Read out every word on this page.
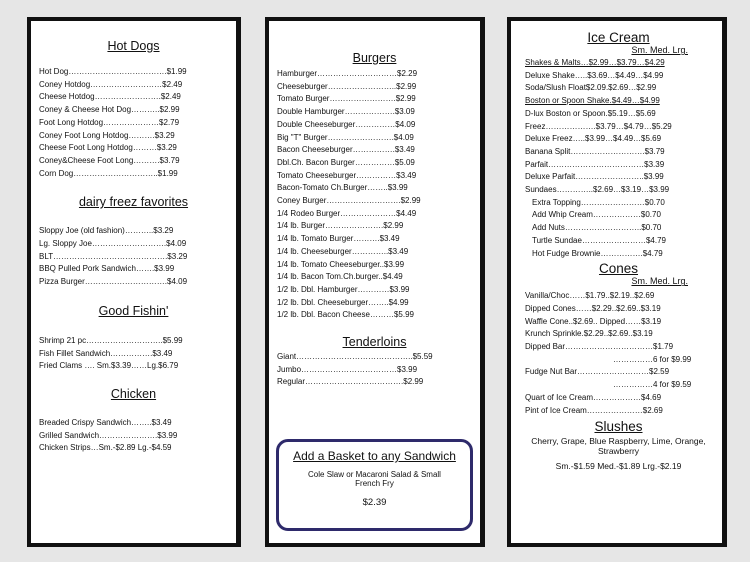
Hot Dogs
Hot Dog……………………………….$1.99
Coney Hotdog………………………$2.49
Cheese Hotdog…………………….$2.49
Coney & Cheese Hot Dog………..$2.99
Foot Long Hotdog…………………$2.79
Coney Foot Long Hotdog……….$3.29
Cheese Foot Long Hotdog………$3.29
Coney&Cheese Foot Long……….$3.79
Corn Dog…………………………..$1.99
dairy freez favorites
Sloppy Joe (old fashion)………..$3.29
Lg. Sloppy Joe……………………….$4.09
BLT…………………………………….$3.29
BBQ Pulled Pork Sandwich…….$3.99
Pizza Burger………………………….$4.09
Good Fishin'
Shrimp 21 pc………………………..$5.99
Fish Fillet Sandwich…………….$3.49
Fried Clams …. Sm.$3.39……Lg.$6.79
Chicken
Breaded Crispy Sandwich……..$3.49
Grilled Sandwich………………….$3.99
Chicken Strips…Sm.-$2.89 Lg.-$4.59
Burgers
Hamburger…………………………$2.29
Cheeseburger……………………..$2.99
Tomato Burger…………………….$2.99
Double Hamburger……………….$3.09
Double Cheeseburger……………$4.09
Big "T" Burger…………………….$4.09
Bacon Cheeseburger…………….$3.49
Dbl.Ch. Bacon Burger……………$5.09
Tomato Cheeseburger……………$3.49
Bacon-Tomato Ch.Burger……..$3.99
Coney Burger……………………….$2.99
1/4 Rodeo Burger…………………$4.49
1/4 lb. Burger………………….$2.99
1/4 lb. Tomato Burger……….$3.49
1/4 lb. Cheeseburger…………..$3.49
1/4 lb. Tomato Cheeseburger..$3.99
1/4 lb. Bacon Tom.Ch.burger..$4.49
1/2 lb. Dbl. Hamburger…………$3.99
1/2 lb. Dbl. Cheeseburger……..$4.99
1/2 lb. Dbl. Bacon Cheese………$5.99
Tenderloins
Giant……………………………………..$5.59
Jumbo………………………………$3.99
Regular……………………………….$2.99
Add a Basket to any Sandwich
Cole Slaw or Macaroni Salad & Small French Fry
$2.39
Ice Cream
Sm. Med. Lrg.
Shakes & Malts…$2.99…$3.79…$4.29
Deluxe Shake…..$3.69…$4.49…$4.99
Soda/Slush Float$2.09.$2.69…$2.99
Boston or Spoon Shake.$4.49…$4.99
D-lux Boston or Spoon.$5.19…$5.69
Freez……………….$3.79…$4.79…$5.29
Deluxe Freez…..$3.99…$4.49…$5.69
Banana Split……………………….$3.79
Parfait………………………………$3.39
Deluxe Parfait……………………..$3.99
Sundaes…………..$2.69…$3.19…$3.99
Extra Topping……………………$0.70
Add Whip Cream………………$0.70
Add Nuts………………………..$0.70
Turtle Sundae……………………$4.79
Hot Fudge Brownie…………….$4.79
Cones
Sm. Med. Lrg.
Vanilla/Choc……$1.79..$2.19..$2.69
Dipped Cones……$2.29..$2.69..$3.19
Waffle Cone..$2.69.. Dipped……$3.19
Krunch Sprinkle.$2.29..$2.69..$3.19
Dipped Bar……………………………$1.79
……………6 for $9.99
Fudge Nut Bar………………………$2.59
……………4 for $9.59
Quart of Ice Cream………………$4.69
Pint of Ice Cream…………………$2.69
Slushes
Cherry, Grape, Blue Raspberry, Lime, Orange, Strawberry
Sm.-$1.59 Med.-$1.89 Lrg.-$2.19
